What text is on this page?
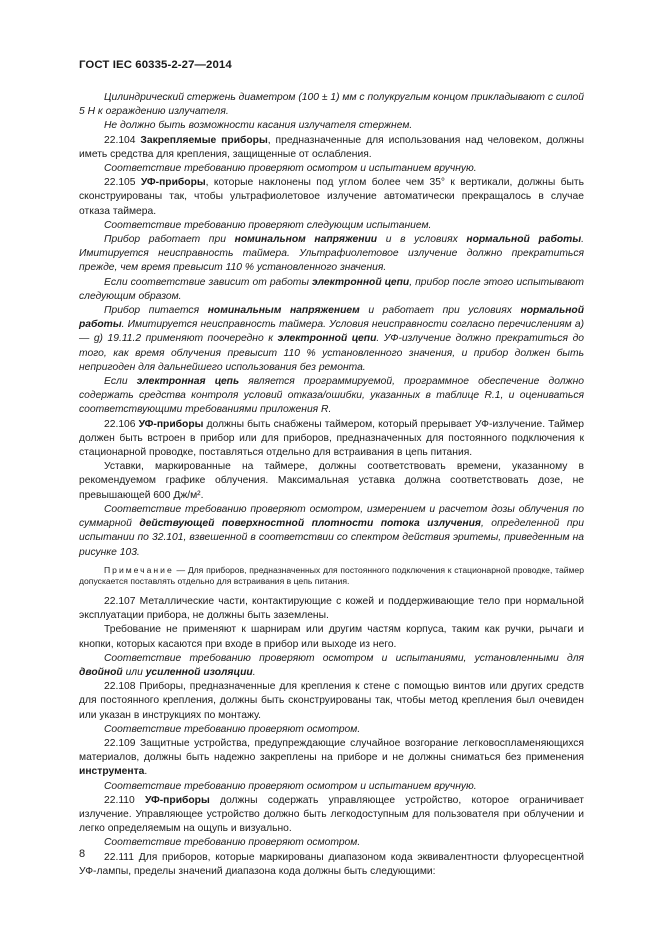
ГОСТ IEC 60335-2-27—2014

Цилиндрический стержень диаметром (100 ± 1) мм с полукруглым концом прикладывают с силой 5 Н к ограждению излучателя.

Не должно быть возможности касания излучателя стержнем.

22.104 Закрепляемые приборы, предназначенные для использования над человеком, должны иметь средства для крепления, защищенные от ослабления.

Соответствие требованию проверяют осмотром и испытанием вручную.

22.105 УФ-приборы, которые наклонены под углом более чем 35° к вертикали, должны быть сконструированы так, чтобы ультрафиолетовое излучение автоматически прекращалось в случае отказа таймера.

Соответствие требованию проверяют следующим испытанием.

Прибор работает при номинальном напряжении и в условиях нормальной работы. Имитируется неисправность таймера. Ультрафиолетовое излучение должно прекратиться прежде, чем время превысит 110 % установленного значения.

Если соответствие зависит от работы электронной цепи, прибор после этого испытывают следующим образом.

Прибор питается номинальным напряжением и работает при условиях нормальной работы. Имитируется неисправность таймера. Условия неисправности согласно перечислениям a) — g) 19.11.2 применяют поочередно к электронной цепи. УФ-излучение должно прекратиться до того, как время облучения превысит 110 % установленного значения, и прибор должен быть непригоден для дальнейшего использования без ремонта.

Если электронная цепь является программируемой, программное обеспечение должно содержать средства контроля условий отказа/ошибки, указанных в таблице R.1, и оцениваться соответствующими требованиями приложения R.

22.106 УФ-приборы должны быть снабжены таймером, который прерывает УФ-излучение. Таймер должен быть встроен в прибор или для приборов, предназначенных для постоянного подключения к стационарной проводке, поставляться отдельно для встраивания в цепь питания.

Уставки, маркированные на таймере, должны соответствовать времени, указанному в рекомендуемом графике облучения. Максимальная уставка должна соответствовать дозе, не превышающей 600 Дж/м².

Соответствие требованию проверяют осмотром, измерением и расчетом дозы облучения по суммарной действующей поверхностной плотности потока излучения, определенной при испытании по 32.101, взвешенной в соответствии со спектром действия эритемы, приведенным на рисунке 103.

Примечание — Для приборов, предназначенных для постоянного подключения к стационарной проводке, таймер допускается поставлять отдельно для встраивания в цепь питания.

22.107 Металлические части, контактирующие с кожей и поддерживающие тело при нормальной эксплуатации прибора, не должны быть заземлены.

Требование не применяют к шарнирам или другим частям корпуса, таким как ручки, рычаги и кнопки, которых касаются при входе в прибор или выходе из него.

Соответствие требованию проверяют осмотром и испытаниями, установленными для двойной или усиленной изоляции.

22.108 Приборы, предназначенные для крепления к стене с помощью винтов или других средств для постоянного крепления, должны быть сконструированы так, чтобы метод крепления был очевиден или указан в инструкциях по монтажу.

Соответствие требованию проверяют осмотром.

22.109 Защитные устройства, предупреждающие случайное возгорание легковоспламеняющихся материалов, должны быть надежно закреплены на приборе и не должны сниматься без применения инструмента.

Соответствие требованию проверяют осмотром и испытанием вручную.

22.110 УФ-приборы должны содержать управляющее устройство, которое ограничивает излучение. Управляющее устройство должно быть легкодоступным для пользователя при облучении и легко определяемым на ощупь и визуально.

Соответствие требованию проверяют осмотром.

22.111 Для приборов, которые маркированы диапазоном кода эквивалентности флуоресцентной УФ-лампы, пределы значений диапазона кода должны быть следующими:

8
